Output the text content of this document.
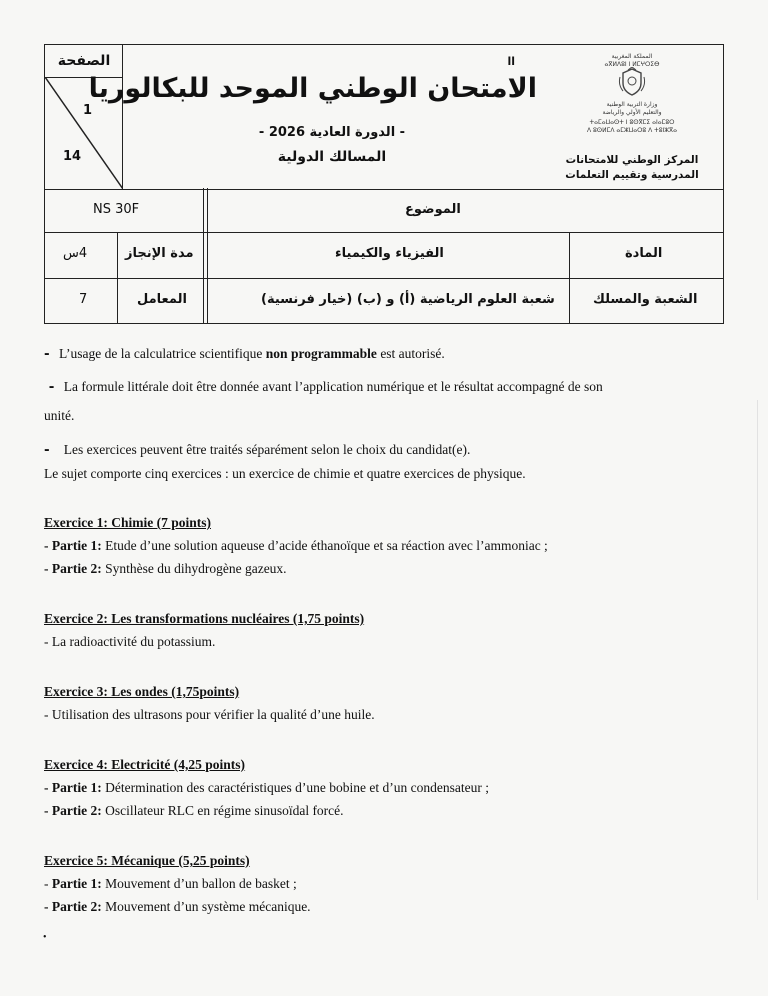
الصفحة
1
14
اا
الامتحان الوطني الموحد للبكالوريا
- الدورة العادية 2026 -
المسالك الدولية
المملكة المغربية
ⴰⴳⵍⴷⵓⵏ ⵏ ⵍⵎⵖⵔⵉⴱ
وزارة التربية الوطنية
والتعليم الأولي والرياضة
ⵜⴰⵎⴰⵡⴰⵙⵜ ⵏ ⵓⵙⴳⵎⵉ ⴰⵏⴰⵎⵓⵔ
ⴷ ⵓⵙⵍⵎⴷ ⴰⵎⵣⵡⴰⵔⵓ ⴷ ⵜⵓⵏⵣⴳⴰ
المركز الوطني للامتحانات
المدرسية وتقييم التعلمات
NS 30F	الموضوع
4س	مدة الإنجاز	الفيزياء والكيمياء	المادة
7	المعامل	شعبة العلوم الرياضية (أ) و (ب) (خيار فرنسية)	الشعبة والمسلك

-  L’usage de la calculatrice scientifique non programmable est autorisé.

-  La formule littérale doit être donnée avant l’application numérique et le résultat accompagné de son

unité.

-   Les exercices peuvent être traités séparément selon le choix du candidat(e).

Le sujet comporte cinq exercices : un exercice de chimie et quatre exercices de physique.

Exercice 1: Chimie (7 points)

- Partie 1: Etude d’une solution aqueuse d’acide éthanoïque et sa réaction avec l’ammoniac ;

- Partie 2: Synthèse du dihydrogène gazeux.

Exercice 2: Les transformations nucléaires (1,75 points)

- La radioactivité du potassium.

Exercice 3: Les ondes (1,75points)

- Utilisation des ultrasons pour vérifier la qualité d’une huile.

Exercice 4: Electricité (4,25 points)

- Partie 1: Détermination des caractéristiques d’une bobine et d’un condensateur ;

- Partie 2: Oscillateur RLC en régime sinusoïdal forcé.

Exercice 5: Mécanique (5,25 points)

- Partie 1: Mouvement d’un ballon de basket ;

- Partie 2: Mouvement d’un système mécanique.

•
